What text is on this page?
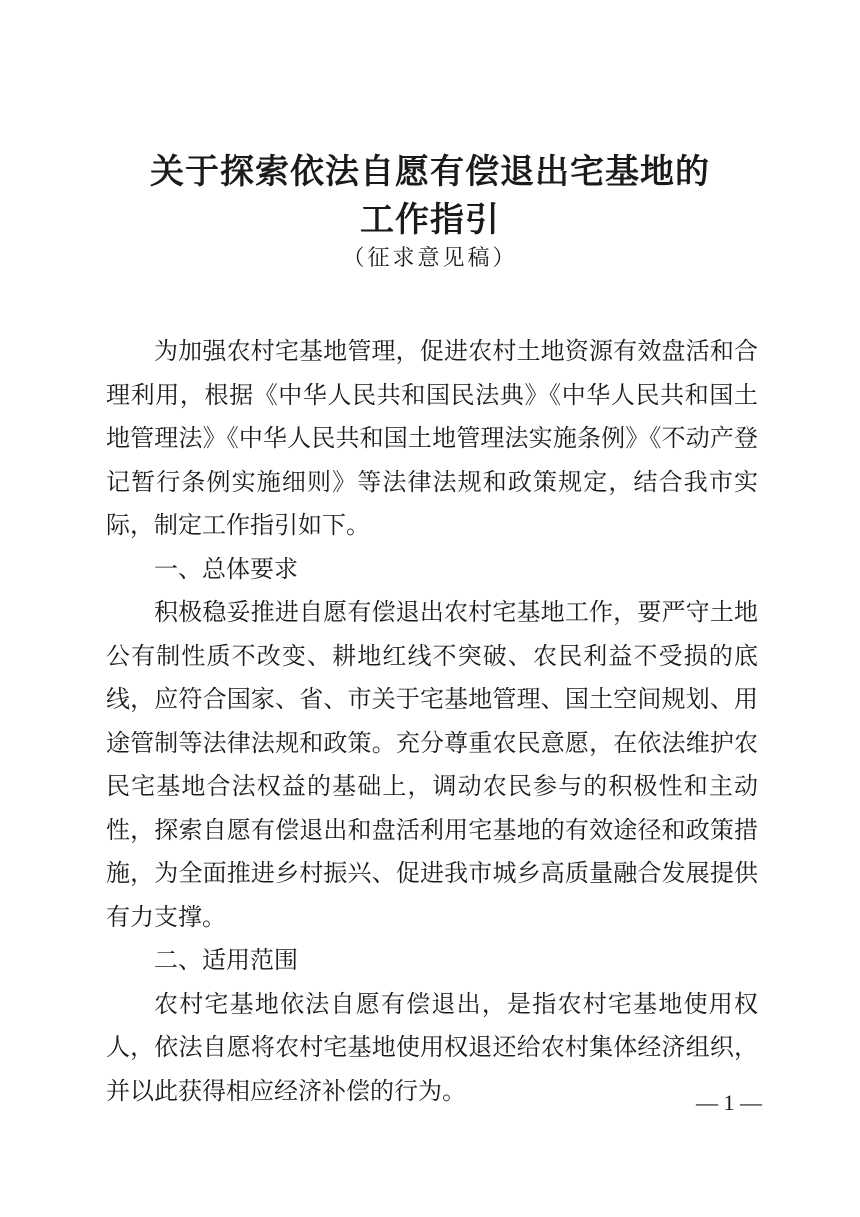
关于探索依法自愿有偿退出宅基地的
工作指引
（征求意见稿）

为加强农村宅基地管理，促进农村土地资源有效盘活和合理利用，根据《中华人民共和国民法典》《中华人民共和国土地管理法》《中华人民共和国土地管理法实施条例》《不动产登记暂行条例实施细则》等法律法规和政策规定，结合我市实际，制定工作指引如下。

一、总体要求

积极稳妥推进自愿有偿退出农村宅基地工作，要严守土地公有制性质不改变、耕地红线不突破、农民利益不受损的底线，应符合国家、省、市关于宅基地管理、国土空间规划、用途管制等法律法规和政策。充分尊重农民意愿，在依法维护农民宅基地合法权益的基础上，调动农民参与的积极性和主动性，探索自愿有偿退出和盘活利用宅基地的有效途径和政策措施，为全面推进乡村振兴、促进我市城乡高质量融合发展提供有力支撑。

二、适用范围

农村宅基地依法自愿有偿退出，是指农村宅基地使用权人，依法自愿将农村宅基地使用权退还给农村集体经济组织，并以此获得相应经济补偿的行为。	— 1 —
